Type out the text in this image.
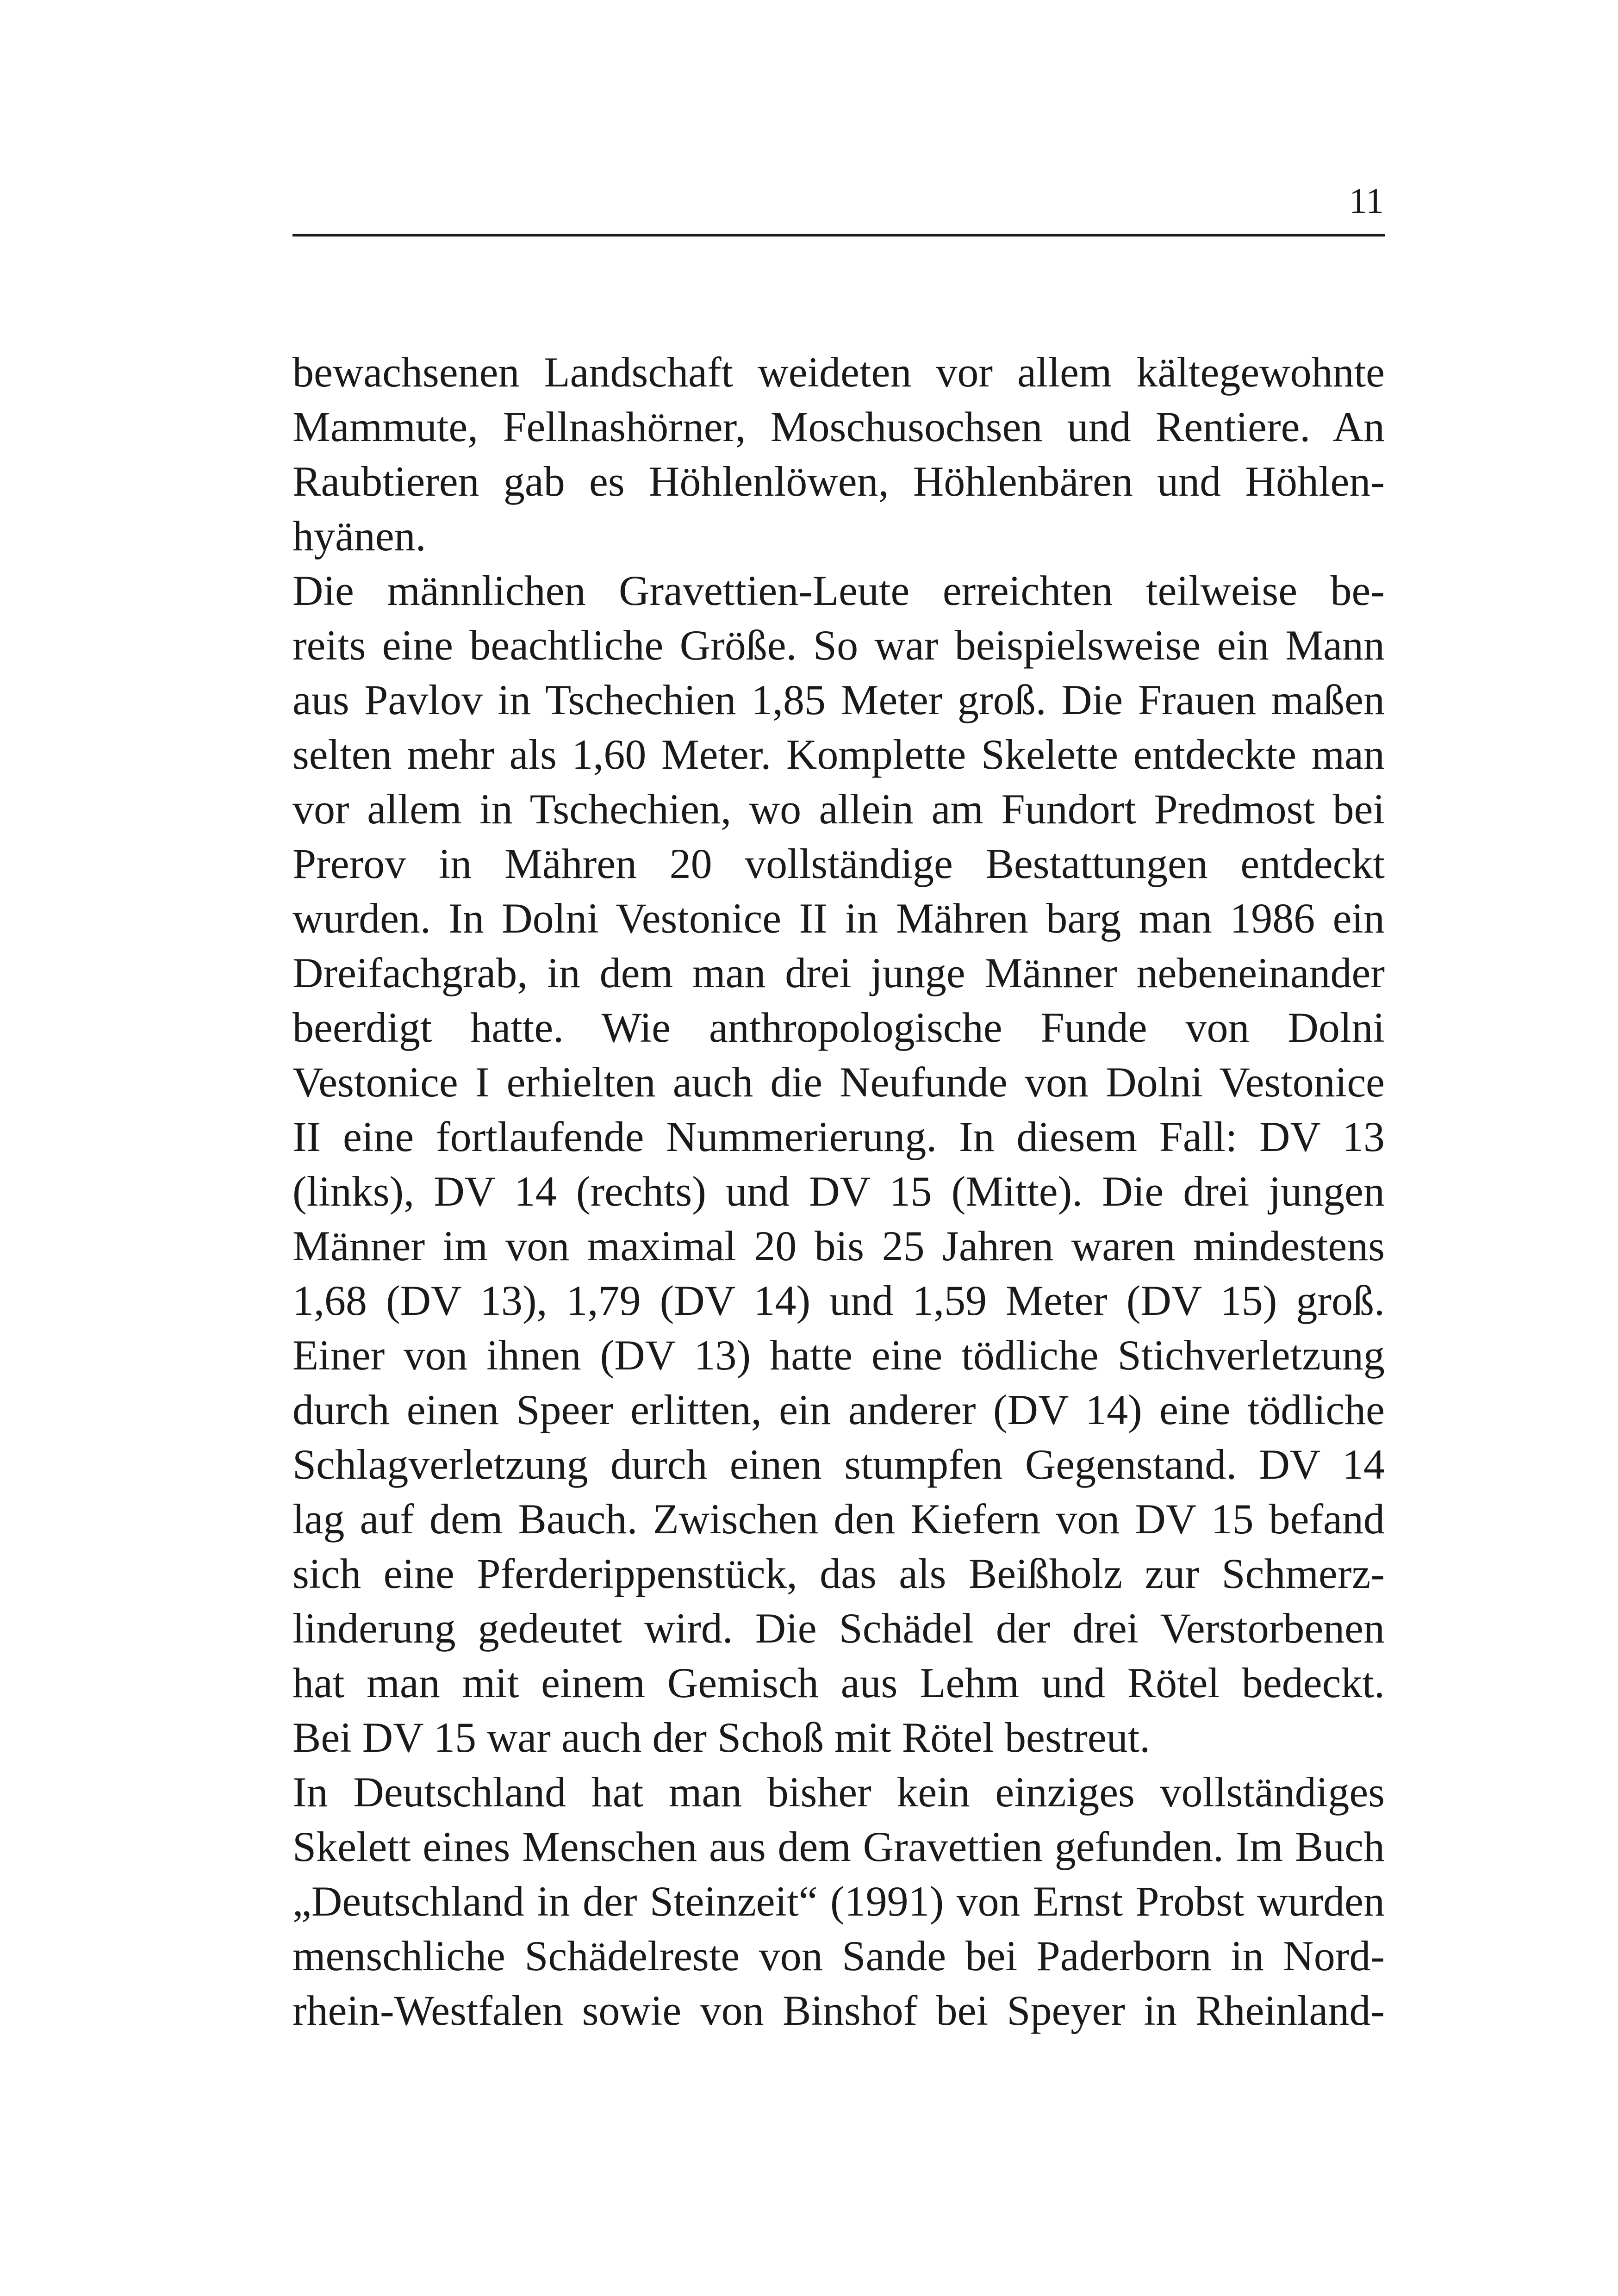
11
bewachsenen Landschaft weideten vor allem kältegewohnte
Mammute, Fellnashörner, Moschusochsen und Rentiere. An
Raubtieren gab es Höhlenlöwen, Höhlenbären und Höhlen-
hyänen.
Die männlichen Gravettien-Leute erreichten teilweise be-
reits eine beachtliche Größe. So war beispielsweise ein Mann
aus Pavlov in Tschechien 1,85 Meter groß. Die Frauen maßen
selten mehr als 1,60 Meter. Komplette Skelette entdeckte man
vor allem in Tschechien, wo allein am Fundort Predmost bei
Prerov in Mähren 20 vollständige Bestattungen entdeckt
wurden. In Dolni Vestonice II in Mähren barg man 1986 ein
Dreifachgrab, in dem man drei junge Männer nebeneinander
beerdigt hatte. Wie anthropologische Funde von Dolni
Vestonice I erhielten auch die Neufunde von Dolni Vestonice
II eine fortlaufende Nummerierung. In diesem Fall: DV 13
(links), DV 14 (rechts) und DV 15 (Mitte). Die drei jungen
Männer im von maximal 20 bis 25 Jahren waren mindestens
1,68 (DV 13), 1,79 (DV 14) und 1,59 Meter (DV 15) groß.
Einer von ihnen (DV 13) hatte eine tödliche Stichverletzung
durch einen Speer erlitten, ein anderer (DV 14) eine tödliche
Schlagverletzung durch einen stumpfen Gegenstand. DV 14
lag auf dem Bauch. Zwischen den Kiefern von DV 15 befand
sich eine Pferderippenstück, das als Beißholz zur Schmerz-
linderung gedeutet wird. Die Schädel der drei Verstorbenen
hat man mit einem Gemisch aus Lehm und Rötel bedeckt.
Bei DV 15 war auch der Schoß mit Rötel bestreut.
In Deutschland hat man bisher kein einziges vollständiges
Skelett eines Menschen aus dem Gravettien gefunden. Im Buch
„Deutschland in der Steinzeit“ (1991) von Ernst Probst wurden
menschliche Schädelreste von Sande bei Paderborn in Nord-
rhein-Westfalen sowie von Binshof bei Speyer in Rheinland-
